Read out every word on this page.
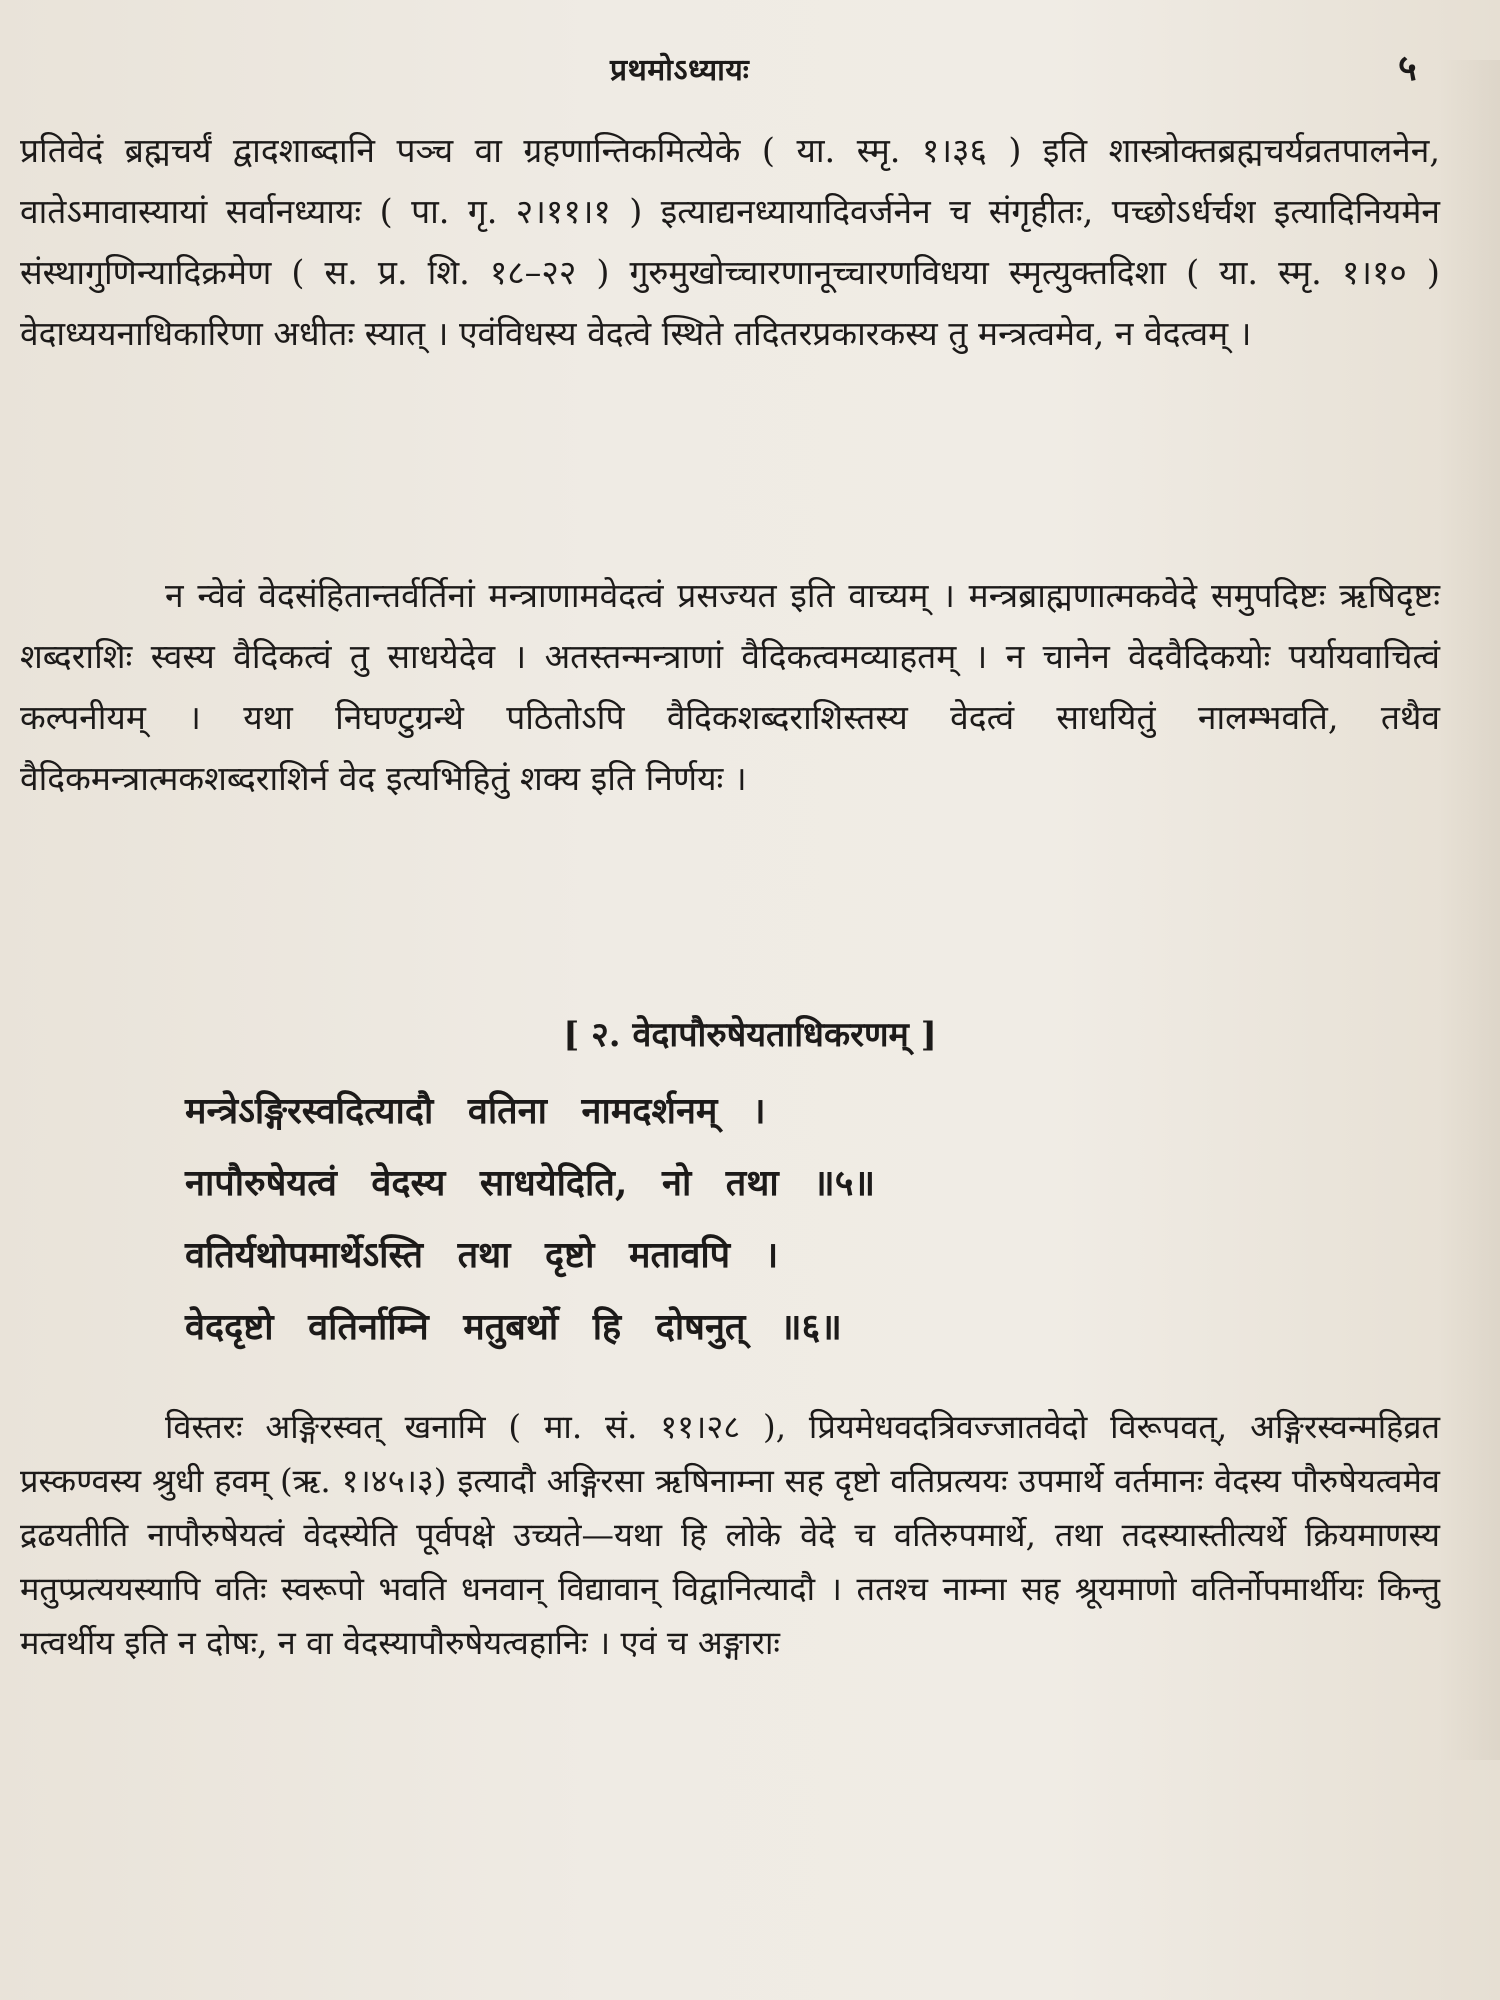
प्रथमोऽध्यायः	५

प्रतिवेदं ब्रह्मचर्यं द्वादशाब्दानि पञ्च वा ग्रहणान्तिकमित्येके ( या. स्मृ. १।३६ ) इति शास्त्रोक्तब्रह्मचर्यव्रतपालनेन, वातेऽमावास्यायां सर्वानध्यायः ( पा. गृ. २।११।१ ) इत्याद्यनध्यायादिवर्जनेन च संगृहीतः, पच्छोऽर्धर्चश इत्यादिनियमेन संस्थागुणिन्यादिक्रमेण ( स. प्र. शि. १८–२२ ) गुरुमुखोच्चारणानूच्चारणविधया स्मृत्युक्तदिशा ( या. स्मृ. १।१० ) वेदाध्ययनाधिकारिणा अधीतः स्यात् । एवंविधस्य वेदत्वे स्थिते तदितरप्रकारकस्य तु मन्त्रत्वमेव, न वेदत्वम् ।

न न्वेवं वेदसंहितान्तर्वर्तिनां मन्त्राणामवेदत्वं प्रसज्यत इति वाच्यम् । मन्त्रब्राह्मणात्मकवेदे समुपदिष्टः ऋषिदृष्टः शब्दराशिः स्वस्य वैदिकत्वं तु साधयेदेव । अतस्तन्मन्त्राणां वैदिकत्वमव्याहतम् । न चानेन वेदवैदिकयोः पर्यायवाचित्वं कल्पनीयम् । यथा निघण्टुग्रन्थे पठितोऽपि वैदिकशब्दराशिस्तस्य वेदत्वं साधयितुं नालम्भवति, तथैव वैदिकमन्त्रात्मकशब्दराशिर्न वेद इत्यभिहितुं शक्य इति निर्णयः ।

[ २. वेदापौरुषेयताधिकरणम् ]
मन्त्रेऽङ्गिरस्वदित्यादौ वतिना नामदर्शनम् ।
नापौरुषेयत्वं वेदस्य साधयेदिति, नो तथा ॥५॥
वतिर्यथोपमार्थेऽस्ति तथा दृष्टो मतावपि ।
वेददृष्टो वतिर्नाम्नि मतुबर्थो हि दोषनुत् ॥६॥

विस्तरः अङ्गिरस्वत् खनामि ( मा. सं. ११।२८ ), प्रियमेधवदत्रिवज्जातवेदो विरूपवत्, अङ्गिरस्वन्महिव्रत प्रस्कण्वस्य श्रुधी हवम् (ऋ. १।४५।३) इत्यादौ अङ्गिरसा ऋषिनाम्ना सह दृष्टो वतिप्रत्ययः उपमार्थे वर्तमानः वेदस्य पौरुषेयत्वमेव द्रढयतीति नापौरुषेयत्वं वेदस्येति पूर्वपक्षे उच्यते—यथा हि लोके वेदे च वतिरुपमार्थे, तथा तदस्यास्तीत्यर्थे क्रियमाणस्य मतुप्प्रत्ययस्यापि वतिः स्वरूपो भवति धनवान् विद्यावान् विद्वानित्यादौ । ततश्च नाम्ना सह श्रूयमाणो वतिर्नोपमार्थीयः किन्तु मत्वर्थीय इति न दोषः, न वा वेदस्यापौरुषेयत्वहानिः । एवं च अङ्गाराः
